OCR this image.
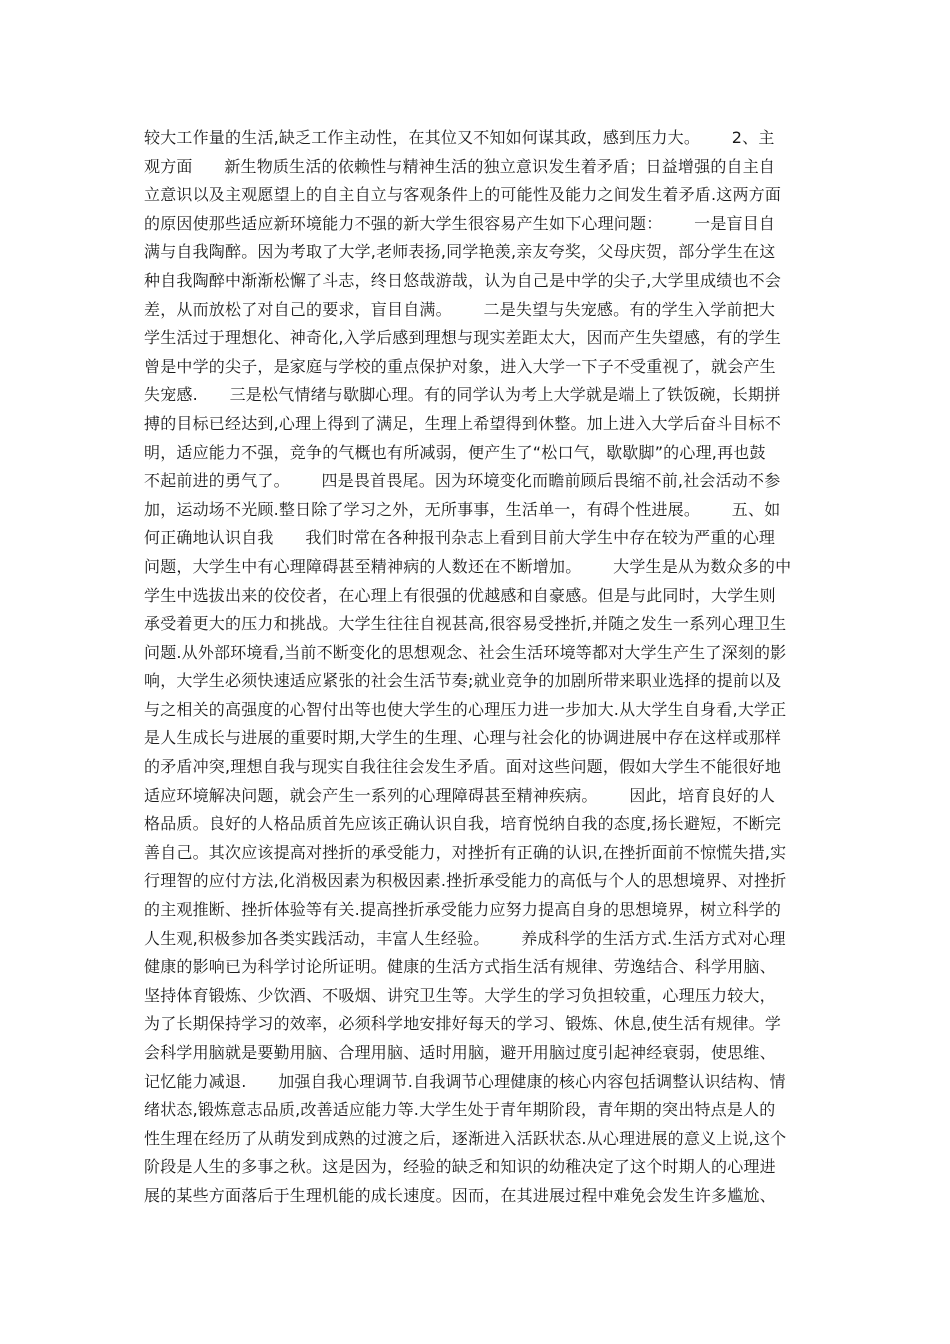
较大工作量的生活,缺乏工作主动性，在其位又不知如何谋其政，感到压力大。      2、主
观方面      新生物质生活的依赖性与精神生活的独立意识发生着矛盾；日益增强的自主自
立意识以及主观愿望上的自主自立与客观条件上的可能性及能力之间发生着矛盾.这两方面
的原因使那些适应新环境能力不强的新大学生很容易产生如下心理问题：      一是盲目自
满与自我陶醉。因为考取了大学,老师表扬,同学艳羡,亲友夸奖，父母庆贺，部分学生在这
种自我陶醉中渐渐松懈了斗志，终日悠哉游哉，认为自己是中学的尖子,大学里成绩也不会
差，从而放松了对自己的要求，盲目自满。      二是失望与失宠感。有的学生入学前把大
学生活过于理想化、神奇化,入学后感到理想与现实差距太大，因而产生失望感，有的学生
曾是中学的尖子，是家庭与学校的重点保护对象，进入大学一下子不受重视了，就会产生
失宠感.      三是松气情绪与歇脚心理。有的同学认为考上大学就是端上了铁饭碗，长期拼
搏的目标已经达到,心理上得到了满足，生理上希望得到休整。加上进入大学后奋斗目标不
明，适应能力不强，竞争的气概也有所减弱，便产生了“松口气，歇歇脚”的心理,再也鼓
不起前进的勇气了。      四是畏首畏尾。因为环境变化而瞻前顾后畏缩不前,社会活动不参
加，运动场不光顾.整日除了学习之外，无所事事，生活单一，有碍个性进展。      五、如
何正确地认识自我      我们时常在各种报刊杂志上看到目前大学生中存在较为严重的心理
问题，大学生中有心理障碍甚至精神病的人数还在不断增加。      大学生是从为数众多的中
学生中选拔出来的佼佼者，在心理上有很强的优越感和自豪感。但是与此同时，大学生则
承受着更大的压力和挑战。大学生往往自视甚高,很容易受挫折,并随之发生一系列心理卫生
问题.从外部环境看,当前不断变化的思想观念、社会生活环境等都对大学生产生了深刻的影
响，大学生必须快速适应紧张的社会生活节奏;就业竞争的加剧所带来职业选择的提前以及
与之相关的高强度的心智付出等也使大学生的心理压力进一步加大.从大学生自身看,大学正
是人生成长与进展的重要时期,大学生的生理、心理与社会化的协调进展中存在这样或那样
的矛盾冲突,理想自我与现实自我往往会发生矛盾。面对这些问题，假如大学生不能很好地
适应环境解决问题，就会产生一系列的心理障碍甚至精神疾病。      因此，培育良好的人
格品质。良好的人格品质首先应该正确认识自我，培育悦纳自我的态度,扬长避短，不断完
善自己。其次应该提高对挫折的承受能力，对挫折有正确的认识,在挫折面前不惊慌失措,实
行理智的应付方法,化消极因素为积极因素.挫折承受能力的高低与个人的思想境界、对挫折
的主观推断、挫折体验等有关.提高挫折承受能力应努力提高自身的思想境界，树立科学的
人生观,积极参加各类实践活动，丰富人生经验。      养成科学的生活方式.生活方式对心理
健康的影响已为科学讨论所证明。健康的生活方式指生活有规律、劳逸结合、科学用脑、
坚持体育锻炼、少饮酒、不吸烟、讲究卫生等。大学生的学习负担较重，心理压力较大，
为了长期保持学习的效率，必须科学地安排好每天的学习、锻炼、休息,使生活有规律。学
会科学用脑就是要勤用脑、合理用脑、适时用脑，避开用脑过度引起神经衰弱，使思维、
记忆能力减退.      加强自我心理调节.自我调节心理健康的核心内容包括调整认识结构、情
绪状态,锻炼意志品质,改善适应能力等.大学生处于青年期阶段，青年期的突出特点是人的
性生理在经历了从萌发到成熟的过渡之后，逐渐进入活跃状态.从心理进展的意义上说,这个
阶段是人生的多事之秋。这是因为，经验的缺乏和知识的幼稚决定了这个时期人的心理进
展的某些方面落后于生理机能的成长速度。因而，在其进展过程中难免会发生许多尴尬、
